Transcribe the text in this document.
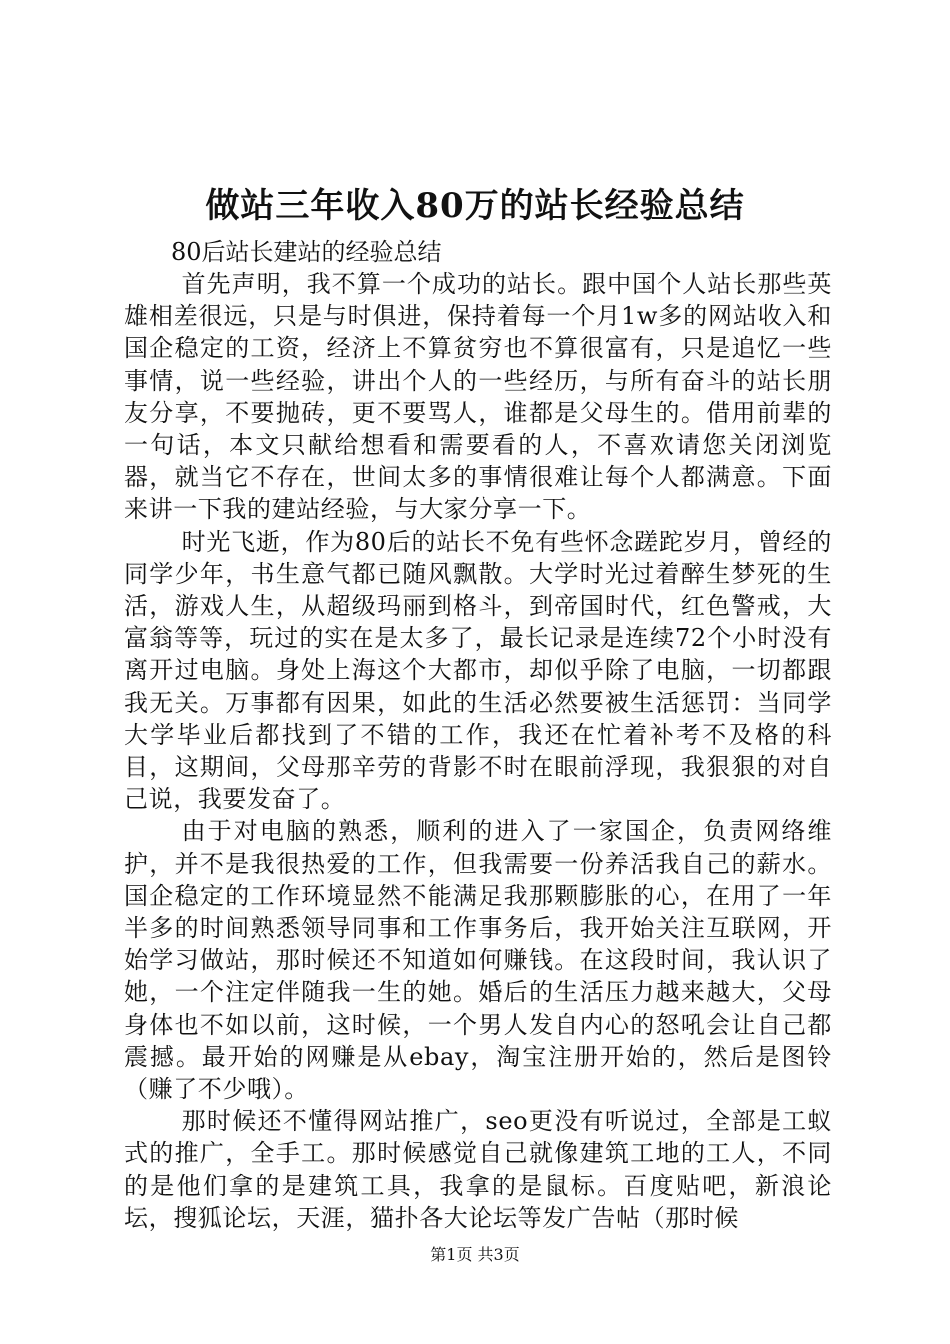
做站三年收入80万的站长经验总结

80后站长建站的经验总结

首先声明，我不算一个成功的站长。跟中国个人站长那些英雄相差很远，只是与时俱进，保持着每一个月1w多的网站收入和国企稳定的工资，经济上不算贫穷也不算很富有，只是追忆一些事情，说一些经验，讲出个人的一些经历，与所有奋斗的站长朋友分享，不要抛砖，更不要骂人，谁都是父母生的。借用前辈的一句话，本文只献给想看和需要看的人，不喜欢请您关闭浏览器，就当它不存在，世间太多的事情很难让每个人都满意。下面来讲一下我的建站经验，与大家分享一下。

时光飞逝，作为80后的站长不免有些怀念蹉跎岁月，曾经的同学少年，书生意气都已随风飘散。大学时光过着醉生梦死的生活，游戏人生，从超级玛丽到格斗，到帝国时代，红色警戒，大富翁等等，玩过的实在是太多了，最长记录是连续72个小时没有离开过电脑。身处上海这个大都市，却似乎除了电脑，一切都跟我无关。万事都有因果，如此的生活必然要被生活惩罚：当同学大学毕业后都找到了不错的工作，我还在忙着补考不及格的科目，这期间，父母那辛劳的背影不时在眼前浮现，我狠狠的对自己说，我要发奋了。

由于对电脑的熟悉，顺利的进入了一家国企，负责网络维护，并不是我很热爱的工作，但我需要一份养活我自己的薪水。国企稳定的工作环境显然不能满足我那颗膨胀的心，在用了一年半多的时间熟悉领导同事和工作事务后，我开始关注互联网，开始学习做站，那时候还不知道如何赚钱。在这段时间，我认识了她，一个注定伴随我一生的她。婚后的生活压力越来越大，父母身体也不如以前，这时候，一个男人发自内心的怒吼会让自己都震撼。最开始的网赚是从ebay，淘宝注册开始的，然后是图铃（赚了不少哦）。

那时候还不懂得网站推广，seo更没有听说过，全部是工蚁式的推广，全手工。那时候感觉自己就像建筑工地的工人，不同的是他们拿的是建筑工具，我拿的是鼠标。百度贴吧，新浪论坛，搜狐论坛，天涯，猫扑各大论坛等发广告帖（那时候

第1页 共3页
